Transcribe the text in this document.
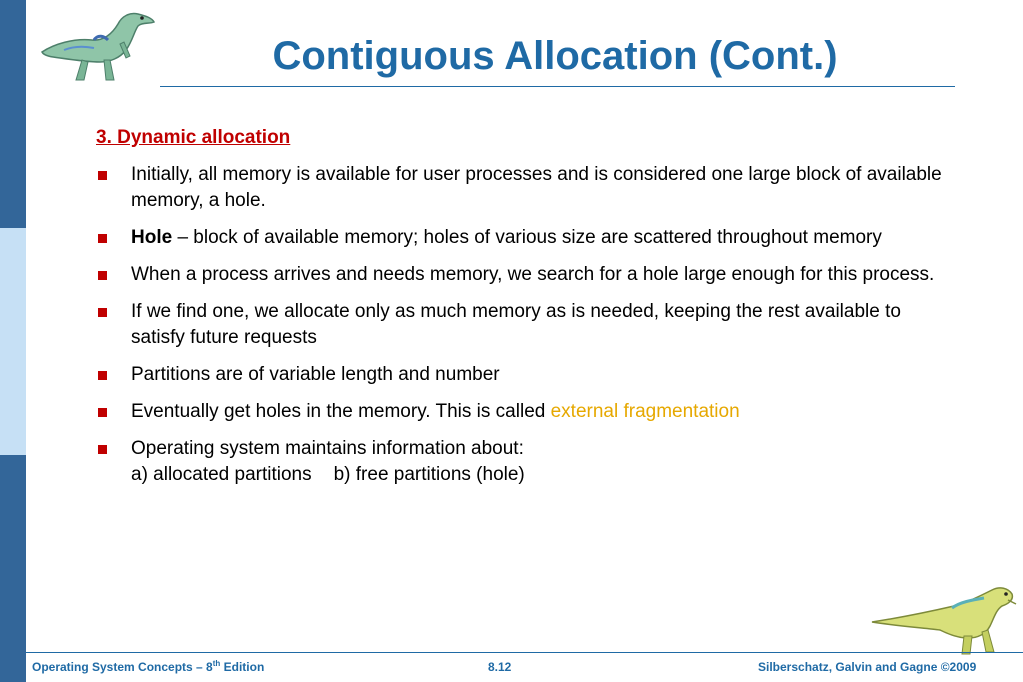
Contiguous Allocation (Cont.)
3. Dynamic allocation
Initially, all memory is available for user processes and is considered one large block of available memory, a hole.
Hole – block of available memory; holes of various size are scattered throughout memory
When a process arrives and needs memory, we search for a hole large enough for this process.
If we find one, we allocate only as much memory as is needed, keeping the rest available to satisfy future requests
Partitions are of variable length and number
Eventually get holes in the memory. This is called external fragmentation
Operating system maintains information about:
a) allocated partitions b) free partitions (hole)
Operating System Concepts – 8th Edition	8.12	Silberschatz, Galvin and Gagne ©2009
